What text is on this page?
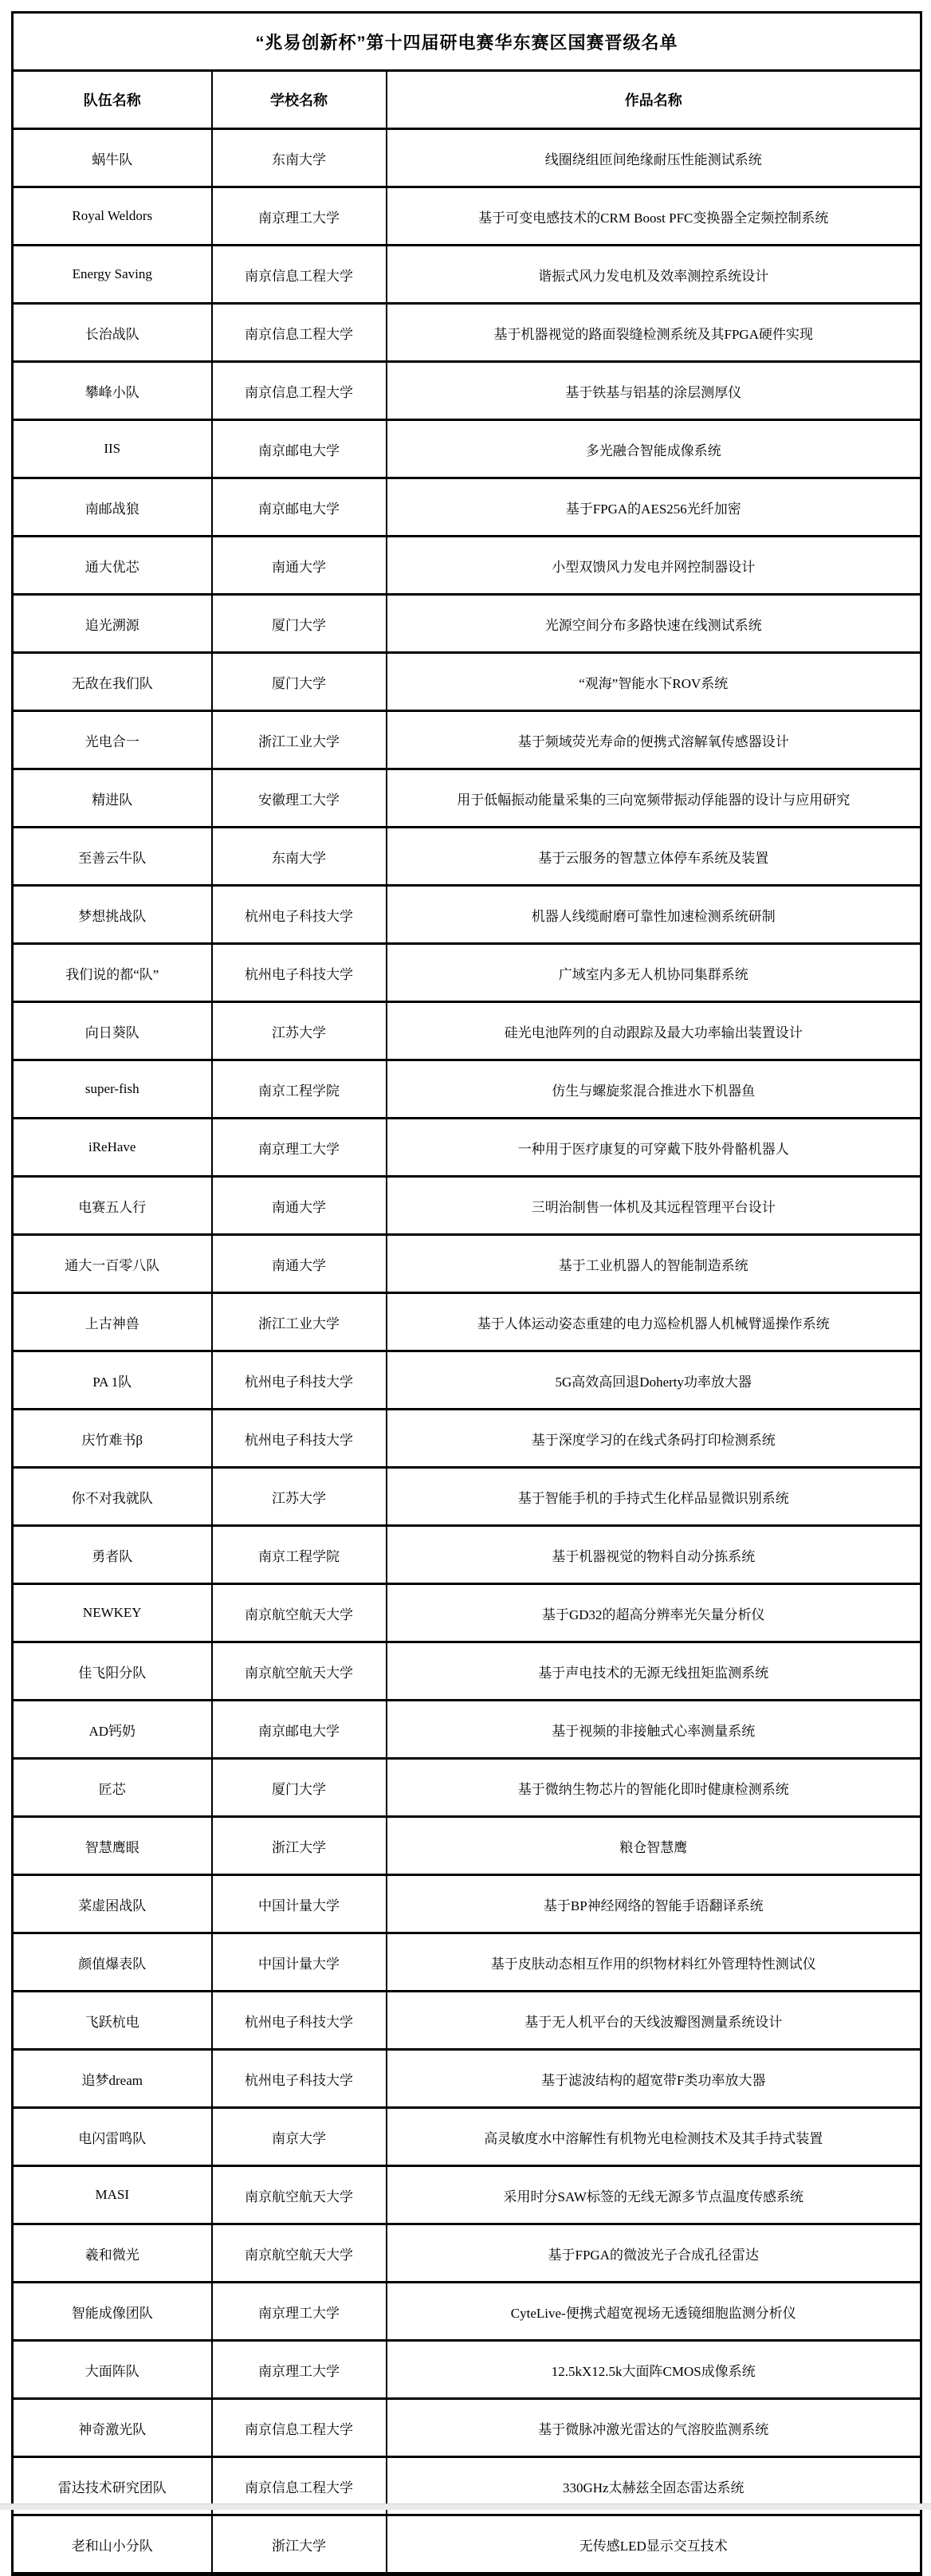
“兆易创新杯”第十四届研电赛华东赛区国赛晋级名单		
队伍名称	学校名称	作品名称
蜗牛队	东南大学	线圈绕组匝间绝缘耐压性能测试系统
Royal Weldors	南京理工大学	基于可变电感技术的CRM Boost PFC变换器全定频控制系统
Energy Saving	南京信息工程大学	谐振式风力发电机及效率测控系统设计
长治战队	南京信息工程大学	基于机器视觉的路面裂缝检测系统及其FPGA硬件实现
攀峰小队	南京信息工程大学	基于铁基与铝基的涂层测厚仪
IIS	南京邮电大学	多光融合智能成像系统
南邮战狼	南京邮电大学	基于FPGA的AES256光纤加密
通大优芯	南通大学	小型双馈风力发电并网控制器设计
追光溯源	厦门大学	光源空间分布多路快速在线测试系统
无敌在我们队	厦门大学	“观海”智能水下ROV系统
光电合一	浙江工业大学	基于频域荧光寿命的便携式溶解氧传感器设计
精进队	安徽理工大学	用于低幅振动能量采集的三向宽频带振动俘能器的设计与应用研究
至善云牛队	东南大学	基于云服务的智慧立体停车系统及装置
梦想挑战队	杭州电子科技大学	机器人线缆耐磨可靠性加速检测系统研制
我们说的都“队”	杭州电子科技大学	广域室内多无人机协同集群系统
向日葵队	江苏大学	硅光电池阵列的自动跟踪及最大功率输出装置设计
super-fish	南京工程学院	仿生与螺旋浆混合推进水下机器鱼
iReHave	南京理工大学	一种用于医疗康复的可穿戴下肢外骨骼机器人
电赛五人行	南通大学	三明治制售一体机及其远程管理平台设计
通大一百零八队	南通大学	基于工业机器人的智能制造系统
上古神兽	浙江工业大学	基于人体运动姿态重建的电力巡检机器人机械臂遥操作系统
PA 1队	杭州电子科技大学	5G高效高回退Doherty功率放大器
庆竹难书β	杭州电子科技大学	基于深度学习的在线式条码打印检测系统
你不对我就队	江苏大学	基于智能手机的手持式生化样品显微识别系统
勇者队	南京工程学院	基于机器视觉的物料自动分拣系统
NEWKEY	南京航空航天大学	基于GD32的超高分辨率光矢量分析仪
佳飞阳分队	南京航空航天大学	基于声电技术的无源无线扭矩监测系统
AD钙奶	南京邮电大学	基于视频的非接触式心率测量系统
匠芯	厦门大学	基于微纳生物芯片的智能化即时健康检测系统
智慧鹰眼	浙江大学	粮仓智慧鹰
菜虚困战队	中国计量大学	基于BP神经网络的智能手语翻译系统
颜值爆表队	中国计量大学	基于皮肤动态相互作用的织物材料红外管理特性测试仪
飞跃杭电	杭州电子科技大学	基于无人机平台的天线波瓣图测量系统设计
追梦dream	杭州电子科技大学	基于滤波结构的超宽带F类功率放大器
电闪雷鸣队	南京大学	高灵敏度水中溶解性有机物光电检测技术及其手持式装置
MASI	南京航空航天大学	采用时分SAW标签的无线无源多节点温度传感系统
羲和微光	南京航空航天大学	基于FPGA的微波光子合成孔径雷达
智能成像团队	南京理工大学	CyteLive-便携式超宽视场无透镜细胞监测分析仪
大面阵队	南京理工大学	12.5kX12.5k大面阵CMOS成像系统
神奇激光队	南京信息工程大学	基于微脉冲激光雷达的气溶胶监测系统
雷达技术研究团队	南京信息工程大学	330GHz太赫兹全固态雷达系统
老和山小分队	浙江大学	无传感LED显示交互技术
